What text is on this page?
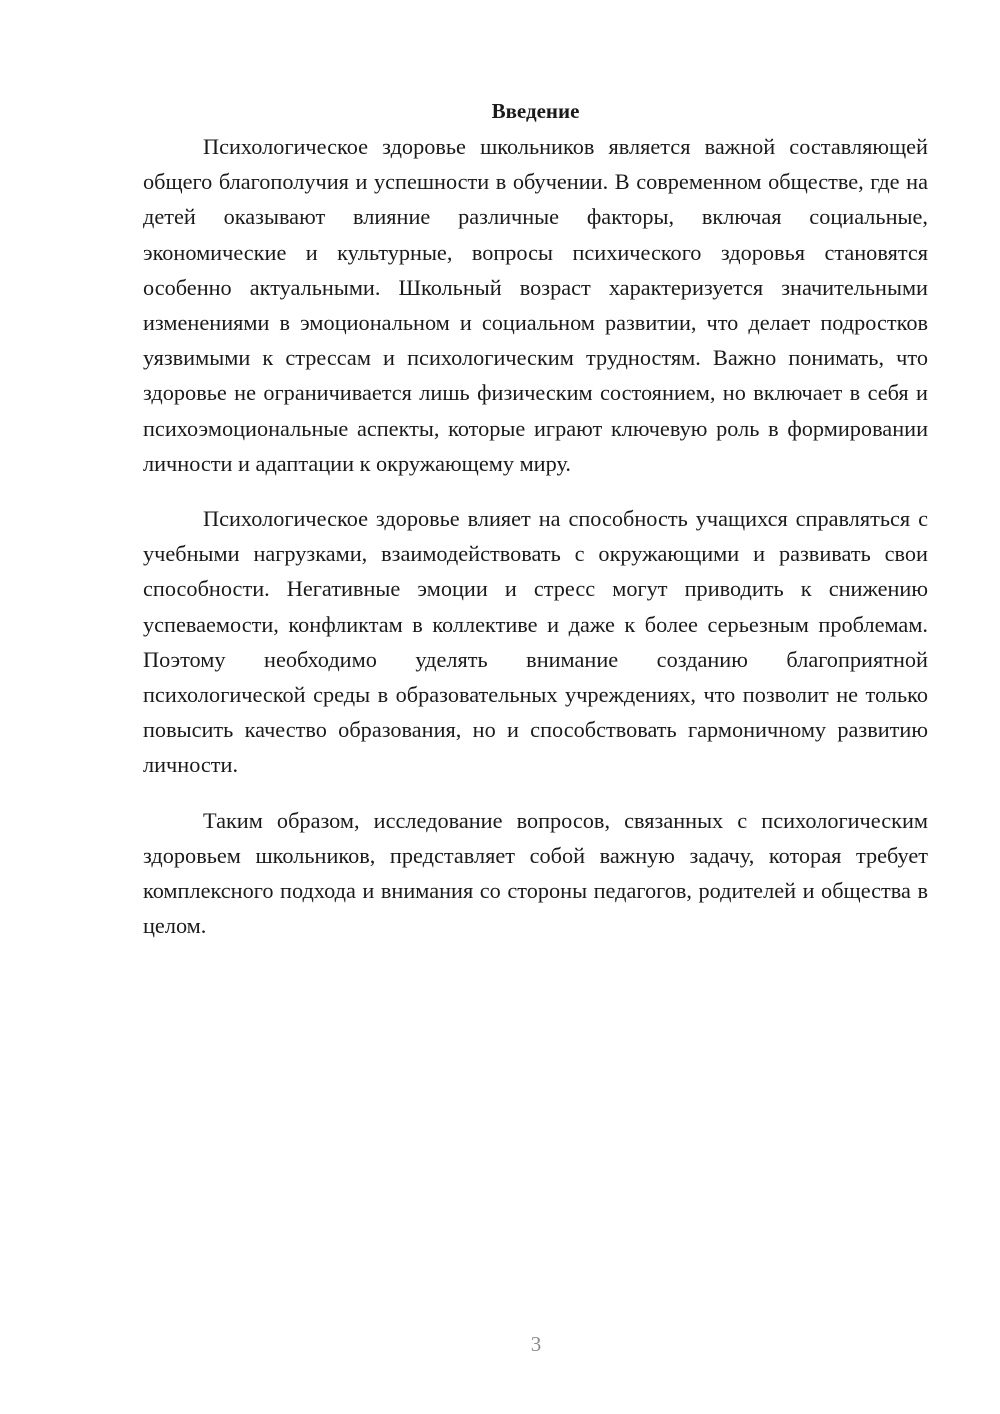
Введение

Психологическое здоровье школьников является важной составляющей общего благополучия и успешности в обучении. В современном обществе, где на детей оказывают влияние различные факторы, включая социальные, экономические и культурные, вопросы психического здоровья становятся особенно актуальными. Школьный возраст характеризуется значительными изменениями в эмоциональном и социальном развитии, что делает подростков уязвимыми к стрессам и психологическим трудностям. Важно понимать, что здоровье не ограничивается лишь физическим состоянием, но включает в себя и психоэмоциональные аспекты, которые играют ключевую роль в формировании личности и адаптации к окружающему миру.

Психологическое здоровье влияет на способность учащихся справляться с учебными нагрузками, взаимодействовать с окружающими и развивать свои способности. Негативные эмоции и стресс могут приводить к снижению успеваемости, конфликтам в коллективе и даже к более серьезным проблемам. Поэтому необходимо уделять внимание созданию благоприятной психологической среды в образовательных учреждениях, что позволит не только повысить качество образования, но и способствовать гармоничному развитию личности.

Таким образом, исследование вопросов, связанных с психологическим здоровьем школьников, представляет собой важную задачу, которая требует комплексного подхода и внимания со стороны педагогов, родителей и общества в целом.

3
